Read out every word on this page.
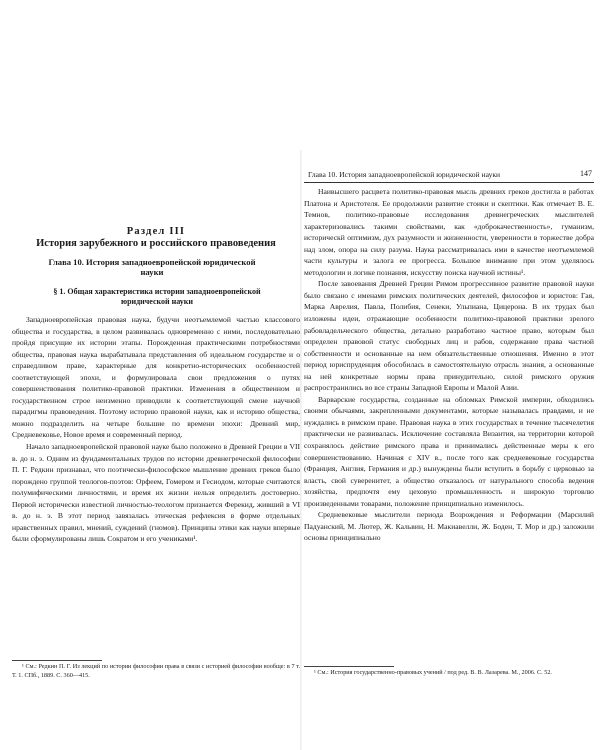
Раздел III
История зарубежного и российского правоведения
Глава 10. История западноевропейской юридической науки
§ 1. Общая характеристика истории западноевропейской юридической науки

Западноевропейская правовая наука, будучи неотъемлемой частью классового общества и государства, в целом развивалась одновременно с ними, последовательно пройдя присущие их истории этапы. Порожденная практическими потребностями общества, правовая наука вырабатывала представления об идеальном государстве и о справедливом праве, характерные для конкретно-исторических особенностей соответствующей эпохи, и формулировала свои предложения о путях совершенствования политико-правовой практики. Изменения в общественном и государственном строе неизменно приводили к соответствующей смене научной парадигмы правоведения. Поэтому историю правовой науки, как и историю общества, можно подразделить на четыре большие по времени эпохи: Древний мир, Средневековье, Новое время и современный период.

Начало западноевропейской правовой науке было положено в Древней Греции в VII в. до н. э. Одним из фундаментальных трудов по истории древнегреческой философии П. Г. Редкин признавал, что поэтически-философское мышление древних греков было порождено группой теологов-поэтов: Орфеем, Гомером и Гесиодом, которые считаются полумифическими личностями, и время их жизни нельзя определить достоверно. Первой исторически известной личностью-теологом признается Ферекид, живший в VI в. до н. э. В этот период завязалась этическая рефлексия в форме отдельных нравственных правил, мнений, суждений (гномов). Принципы этики как науки впервые были сформулированы лишь Сократом и его учениками¹.

¹ См.: Редкин П. Г. Из лекций по истории философии права в связи с историей философии вообще: в 7 т. Т. 1. СПб., 1889. С. 360—415.
Глава 10. История западноевропейской юридической науки	147

Наивысшего расцвета политико-правовая мысль древних греков достигла в работах Платона и Аристотеля. Ее продолжили развитие стоики и скептики. Как отмечает В. Е. Темнов, политико-правовые исследования древнегреческих мыслителей характеризовались такими свойствами, как «доброкачественность», гуманизм, историческй оптимизм, дух разумности и жизненности, уверенности в торжестве добра над злом, опора на силу разума. Наука рассматривалась ими в качестве неотъемлемой части культуры и залога ее прогресса. Большое внимание при этом уделялось методологии и логике познания, искусству поиска научной истины¹.

После завоевания Древней Греции Римом прогрессивное развитие правовой науки было связано с именами римских политических деятелей, философов и юристов: Гая, Марка Аврелия, Павла, Полибия, Сенеки, Ульпиана, Цицерона. В их трудах был изложены идеи, отражающие особенности политико-правовой практики зрелого рабовладельческого общества, детально разработано частное право, которым был определен правовой статус свободных лиц и рабов, содержание права частной собственности и основанные на нем обязательственные отношения. Именно в этот период юриспруденция обособилась в самостоятельную отрасль знания, а основанные на ней конкретные нормы права принудительно, силой римского оружия распространились во все страны Западной Европы и Малой Азии.

Варварские государства, созданные на обломках Римской империи, обходились своими обычаями, закрепленными документами, которые называлась правдами, и не нуждались в римском праве. Правовая наука в этих государствах в течение тысячелетия практически не развивалась. Исключение составляла Византия, на территории которой сохранялось действие римского права и принимались действенные меры к его совершенствованию. Начиная с XIV в., после того как средневековые государства (Франция, Англия, Германия и др.) вынуждены были вступить в борьбу с церковью за власть, свой суверенитет, а общество отказалось от натурального способа ведения хозяйства, предпочтя ему цеховую промышленность и широкую торговлю произведенными товарами, положение принципиально изменилось.

Средневековые мыслители периода Возрождения и Реформации (Марсилий Падуанский, М. Лютер, Ж. Кальвин, Н. Макиавелли, Ж. Боден, Т. Мор и др.) заложили основы принципиально

¹ См.: История государственно-правовых учений / под ред. В. В. Лазарева. М., 2006. С. 52.
